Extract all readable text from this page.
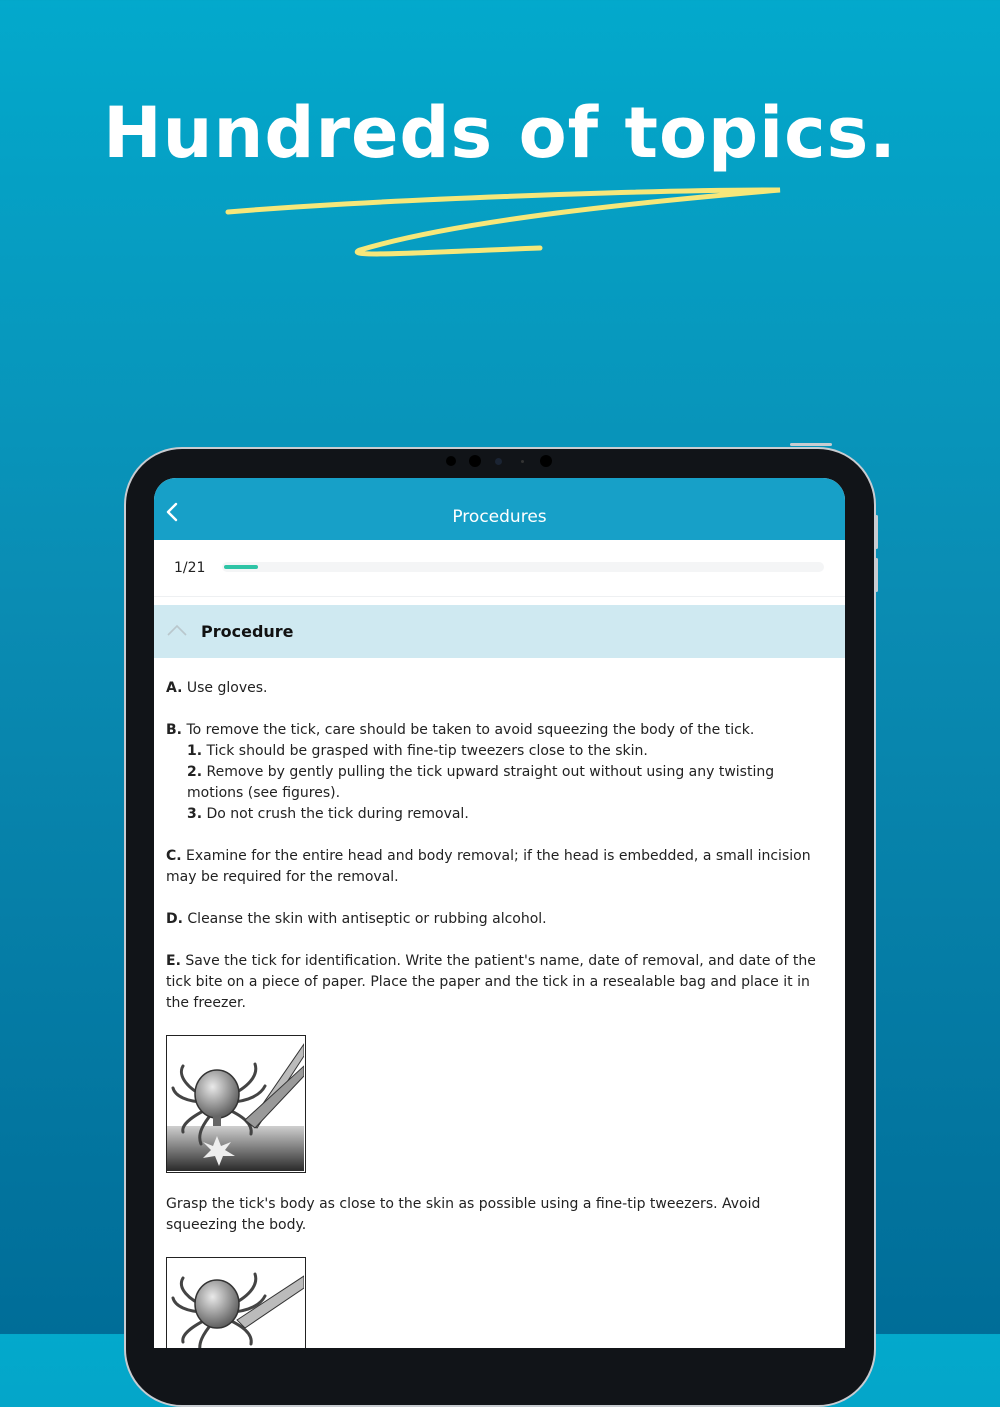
Hundreds of topics.
Procedures
1/21
Procedure

A. Use gloves.

B. To remove the tick, care should be taken to avoid squeezing the body of the tick.
1. Tick should be grasped with fine-tip tweezers close to the skin.
2. Remove by gently pulling the tick upward straight out without using any twisting motions (see figures).
3. Do not crush the tick during removal.

C. Examine for the entire head and body removal; if the head is embedded, a small incision may be required for the removal.

D. Cleanse the skin with antiseptic or rubbing alcohol.

E. Save the tick for identification. Write the patient's name, date of removal, and date of the tick bite on a piece of paper. Place the paper and the tick in a resealable bag and place it in the freezer.

Grasp the tick's body as close to the skin as possible using a fine-tip tweezers. Avoid squeezing the body.
